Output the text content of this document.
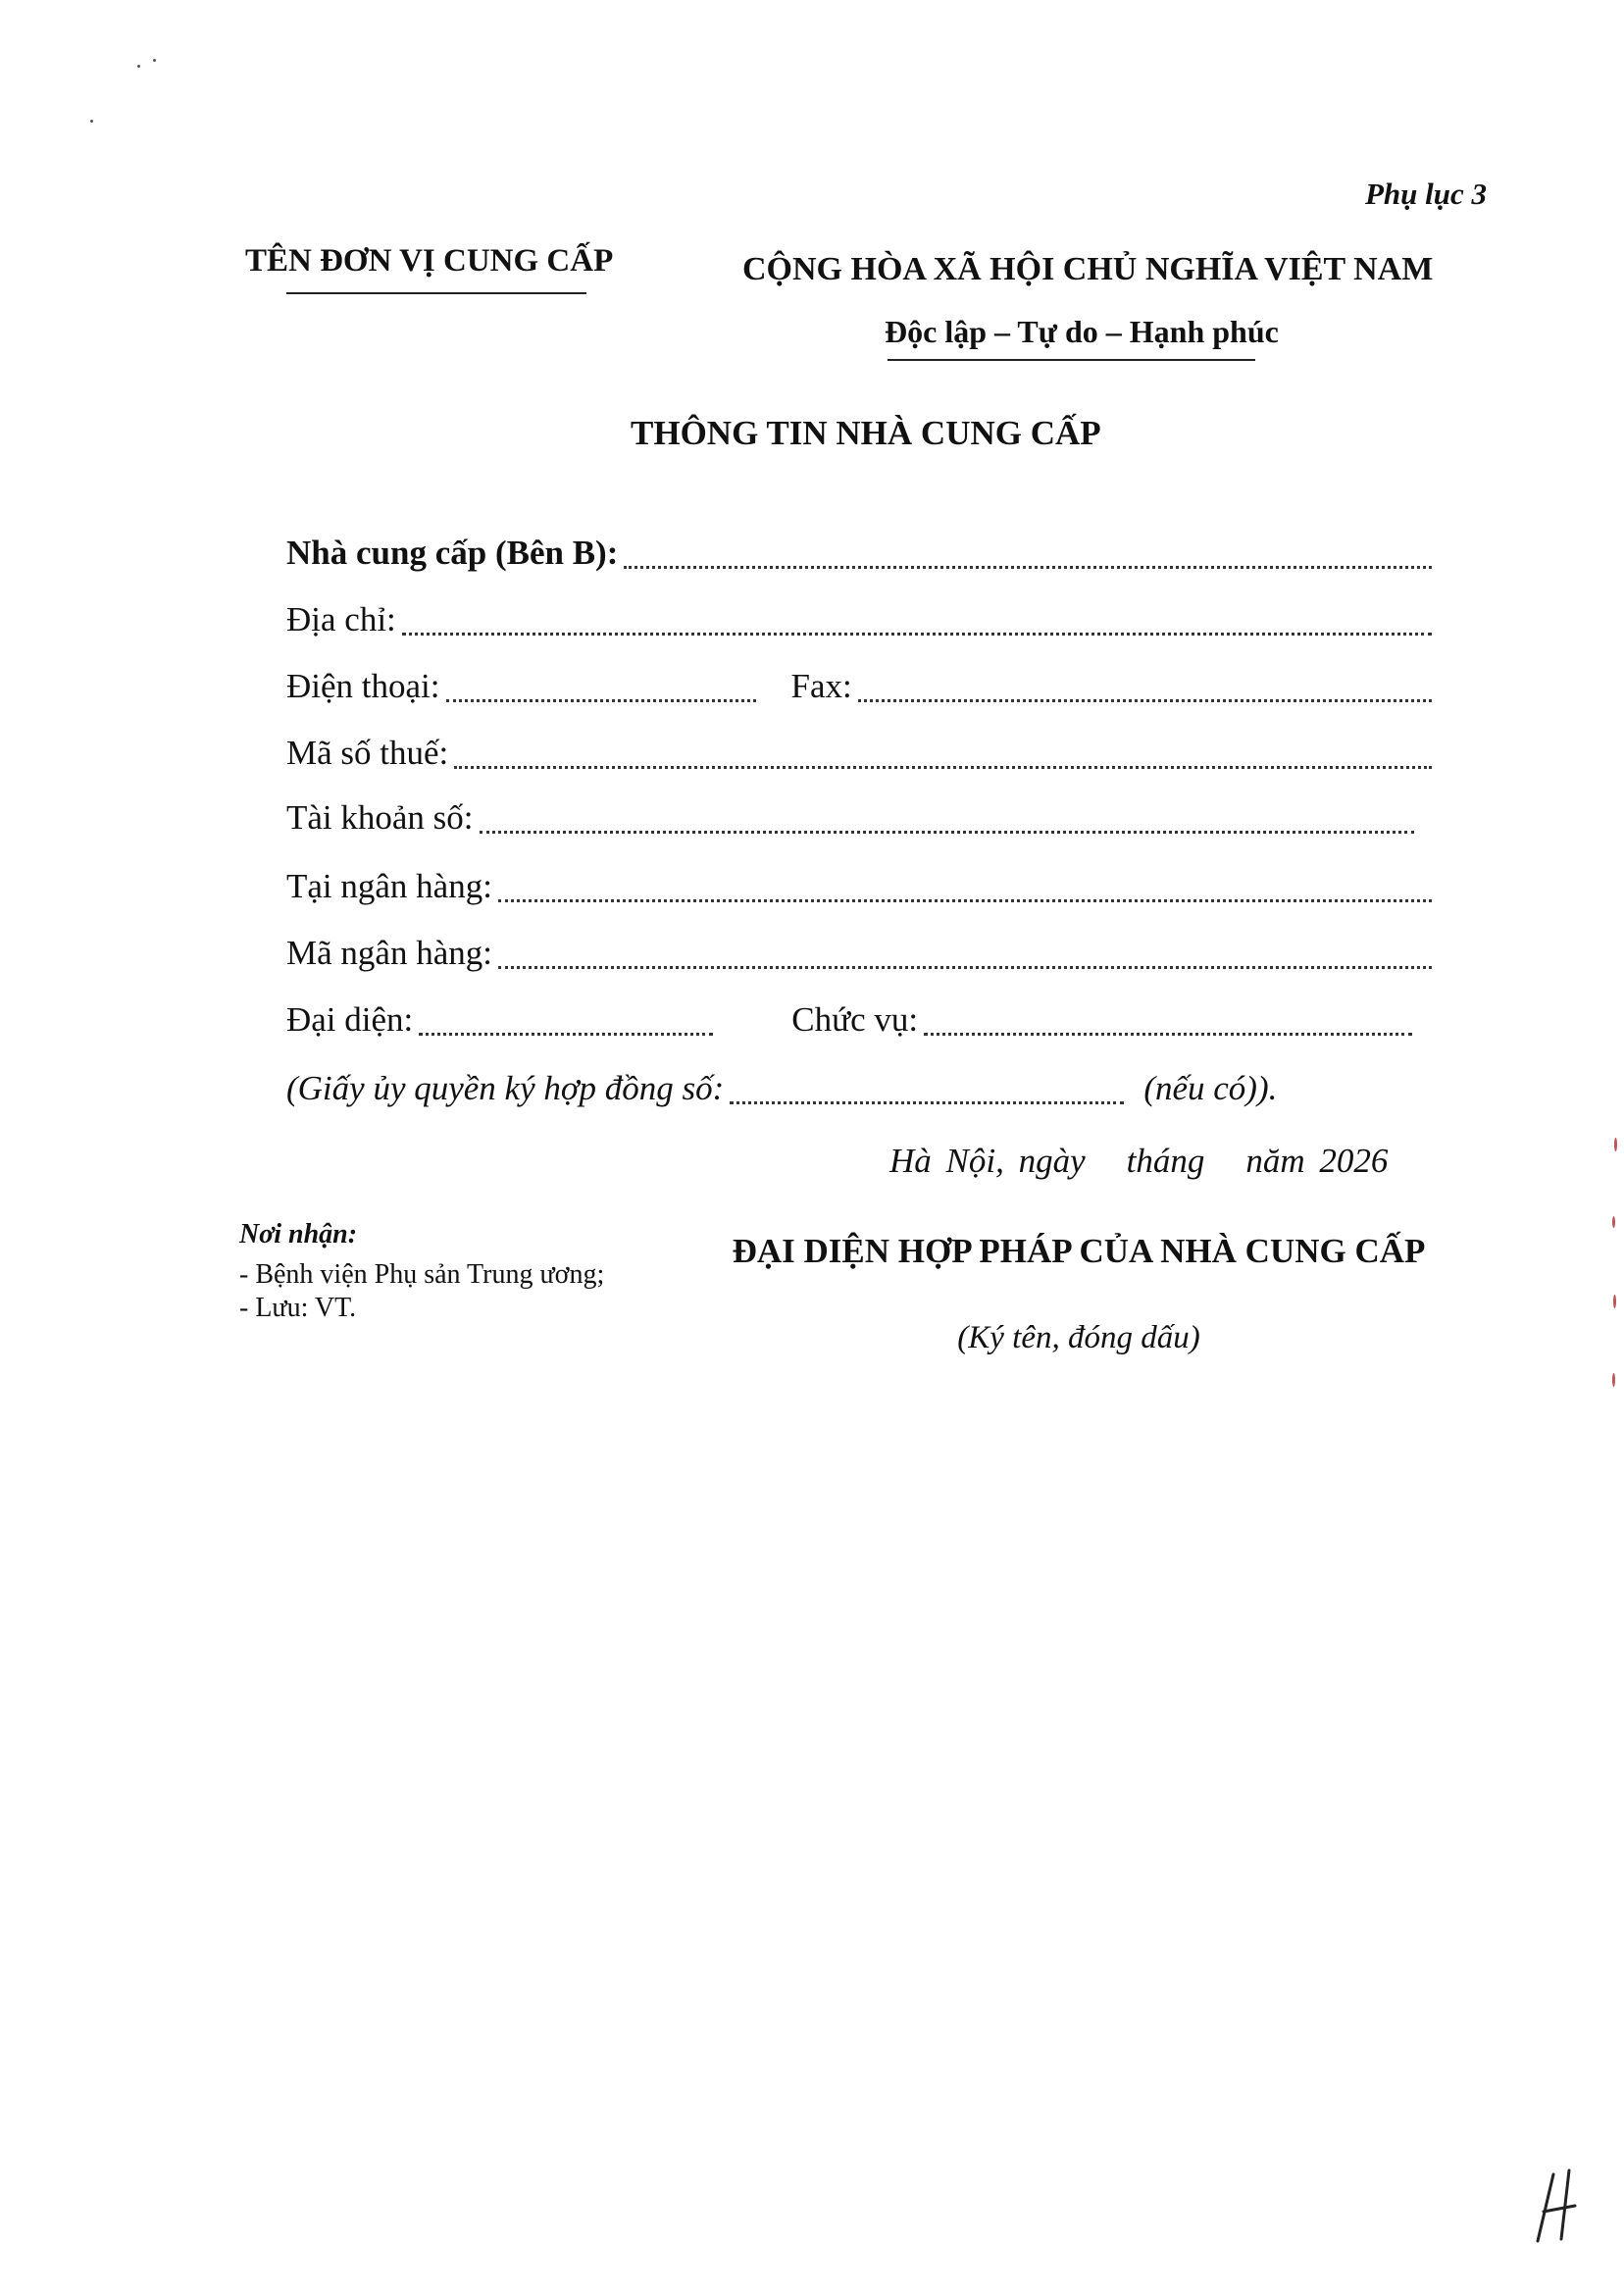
Phụ lục 3
TÊN ĐƠN VỊ CUNG CẤP	CỘNG HÒA XÃ HỘI CHỦ NGHĨA VIỆT NAM
Độc lập – Tự do – Hạnh phúc
THÔNG TIN NHÀ CUNG CẤP
Nhà cung cấp (Bên B):
Địa chỉ:
Điện thoại:	Fax:
Mã số thuế:
Tài khoản số:
Tại ngân hàng:
Mã ngân hàng:
Đại diện:	Chức vụ:
(Giấy ủy quyền ký hợp đồng số:	(nếu có)).
Hà Nội, ngày tháng năm 2026
Nơi nhận:
- Bệnh viện Phụ sản Trung ương;
- Lưu: VT.
ĐẠI DIỆN HỢP PHÁP CỦA NHÀ CUNG CẤP
(Ký tên, đóng dấu)
